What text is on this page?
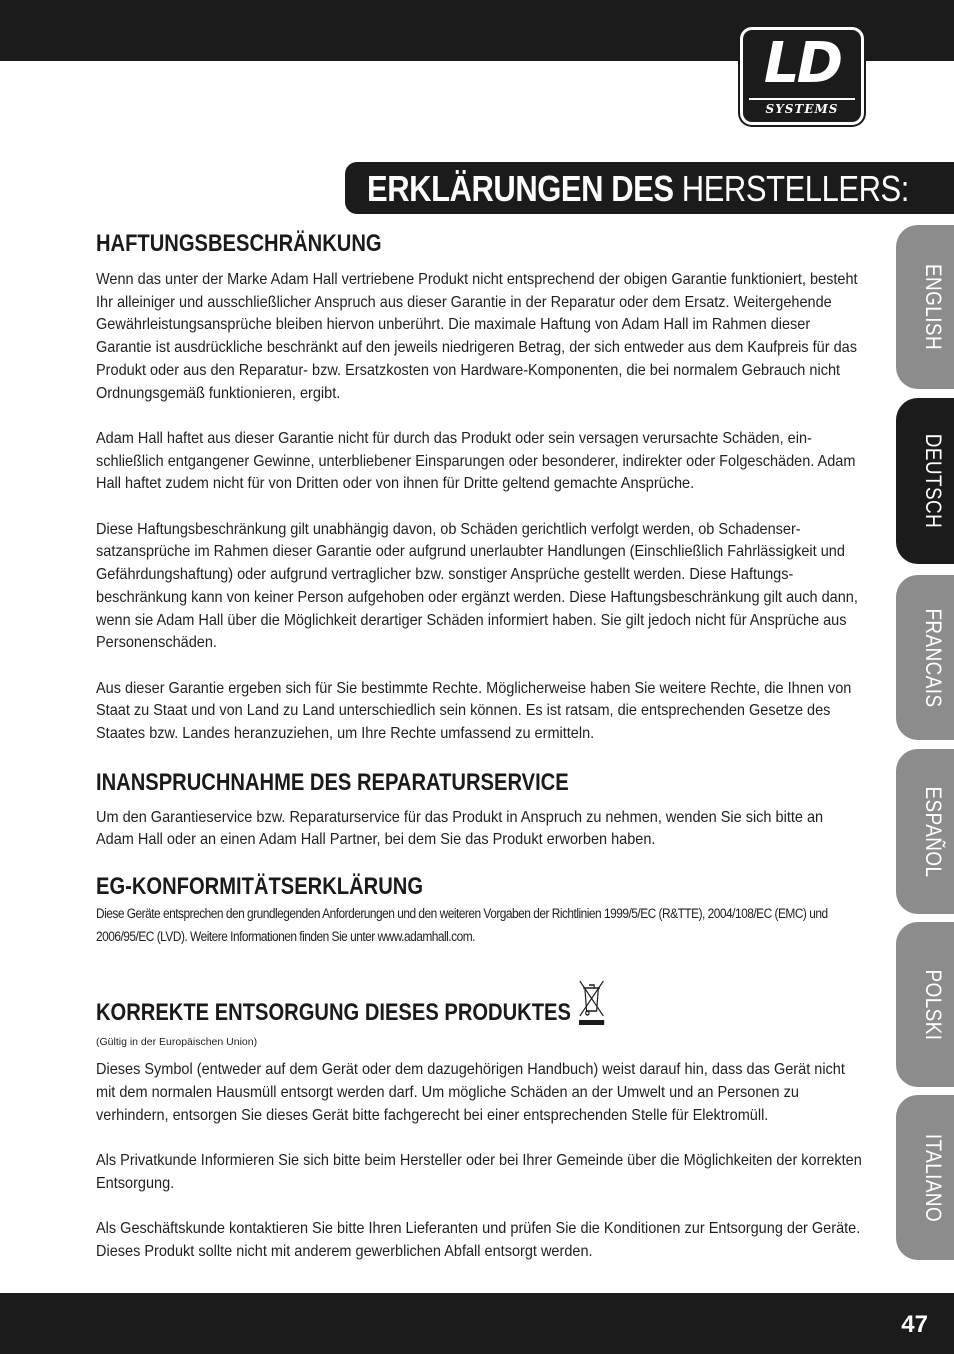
LD
SYSTEMS
ERKLÄRUNGEN DES HERSTELLERS:
ENGLISH
DEUTSCH
FRANCAIS
ESPAÑOL
POLSKI
ITALIANO
HAFTUNGSBESCHRÄNKUNG

Wenn das unter der Marke Adam Hall vertriebene Produkt nicht entsprechend der obigen Garantie funktioniert, besteht Ihr alleiniger und ausschließlicher Anspruch aus dieser Garantie in der Reparatur oder dem Ersatz. Weitergehende Gewährleistungsansprüche bleiben hiervon unberührt. Die maximale Haftung von Adam Hall im Rahmen dieser Garantie ist ausdrückliche beschränkt auf den jeweils niedrigeren Betrag, der sich entweder aus dem Kaufpreis für das Produkt oder aus den Reparatur- bzw. Ersatzkosten von Hardware-Komponenten, die bei normalem Gebrauch nicht Ordnungsgemäß funktionieren, ergibt.

Adam Hall haftet aus dieser Garantie nicht für durch das Produkt oder sein versagen verursachte Schäden, ein-schließlich entgangener Gewinne, unterbliebener Einsparungen oder besonderer, indirekter oder Folgeschäden. Adam Hall haftet zudem nicht für von Dritten oder von ihnen für Dritte geltend gemachte Ansprüche.

Diese Haftungsbeschränkung gilt unabhängig davon, ob Schäden gerichtlich verfolgt werden, ob Schadenser-satzansprüche im Rahmen dieser Garantie oder aufgrund unerlaubter Handlungen (Einschließlich Fahrlässigkeit und Gefährdungshaftung) oder aufgrund vertraglicher bzw. sonstiger Ansprüche gestellt werden. Diese Haftungs-beschränkung kann von keiner Person aufgehoben oder ergänzt werden. Diese Haftungsbeschränkung gilt auch dann, wenn sie Adam Hall über die Möglichkeit derartiger Schäden informiert haben. Sie gilt jedoch nicht für Ansprüche aus Personenschäden.

Aus dieser Garantie ergeben sich für Sie bestimmte Rechte. Möglicherweise haben Sie weitere Rechte, die Ihnen von Staat zu Staat und von Land zu Land unterschiedlich sein können. Es ist ratsam, die entsprechenden Gesetze des Staates bzw. Landes heranzuziehen, um Ihre Rechte umfassend zu ermitteln.

INANSPRUCHNAHME DES REPARATURSERVICE

Um den Garantieservice bzw. Reparaturservice für das Produkt in Anspruch zu nehmen, wenden Sie sich bitte an Adam Hall oder an einen Adam Hall Partner, bei dem Sie das Produkt erworben haben.

EG-KONFORMITÄTSERKLÄRUNG

Diese Geräte entsprechen den grundlegenden Anforderungen und den weiteren Vorgaben der Richtlinien 1999/5/EC (R&TTE), 2004/108/EC (EMC) und 2006/95/EC (LVD). Weitere Informationen finden Sie unter www.adamhall.com.

KORREKTE ENTSORGUNG DIESES PRODUKTES

(Gültig in der Europäischen Union)

Dieses Symbol (entweder auf dem Gerät oder dem dazugehörigen Handbuch) weist darauf hin, dass das Gerät nicht mit dem normalen Hausmüll entsorgt werden darf. Um mögliche Schäden an der Umwelt und an Personen zu verhindern, entsorgen Sie dieses Gerät bitte fachgerecht bei einer entsprechenden Stelle für Elektromüll.

Als Privatkunde Informieren Sie sich bitte beim Hersteller oder bei Ihrer Gemeinde über die Möglichkeiten der korrekten Entsorgung.

Als Geschäftskunde kontaktieren Sie bitte Ihren Lieferanten und prüfen Sie die Konditionen zur Entsorgung der Geräte. Dieses Produkt sollte nicht mit anderem gewerblichen Abfall entsorgt werden.

47
